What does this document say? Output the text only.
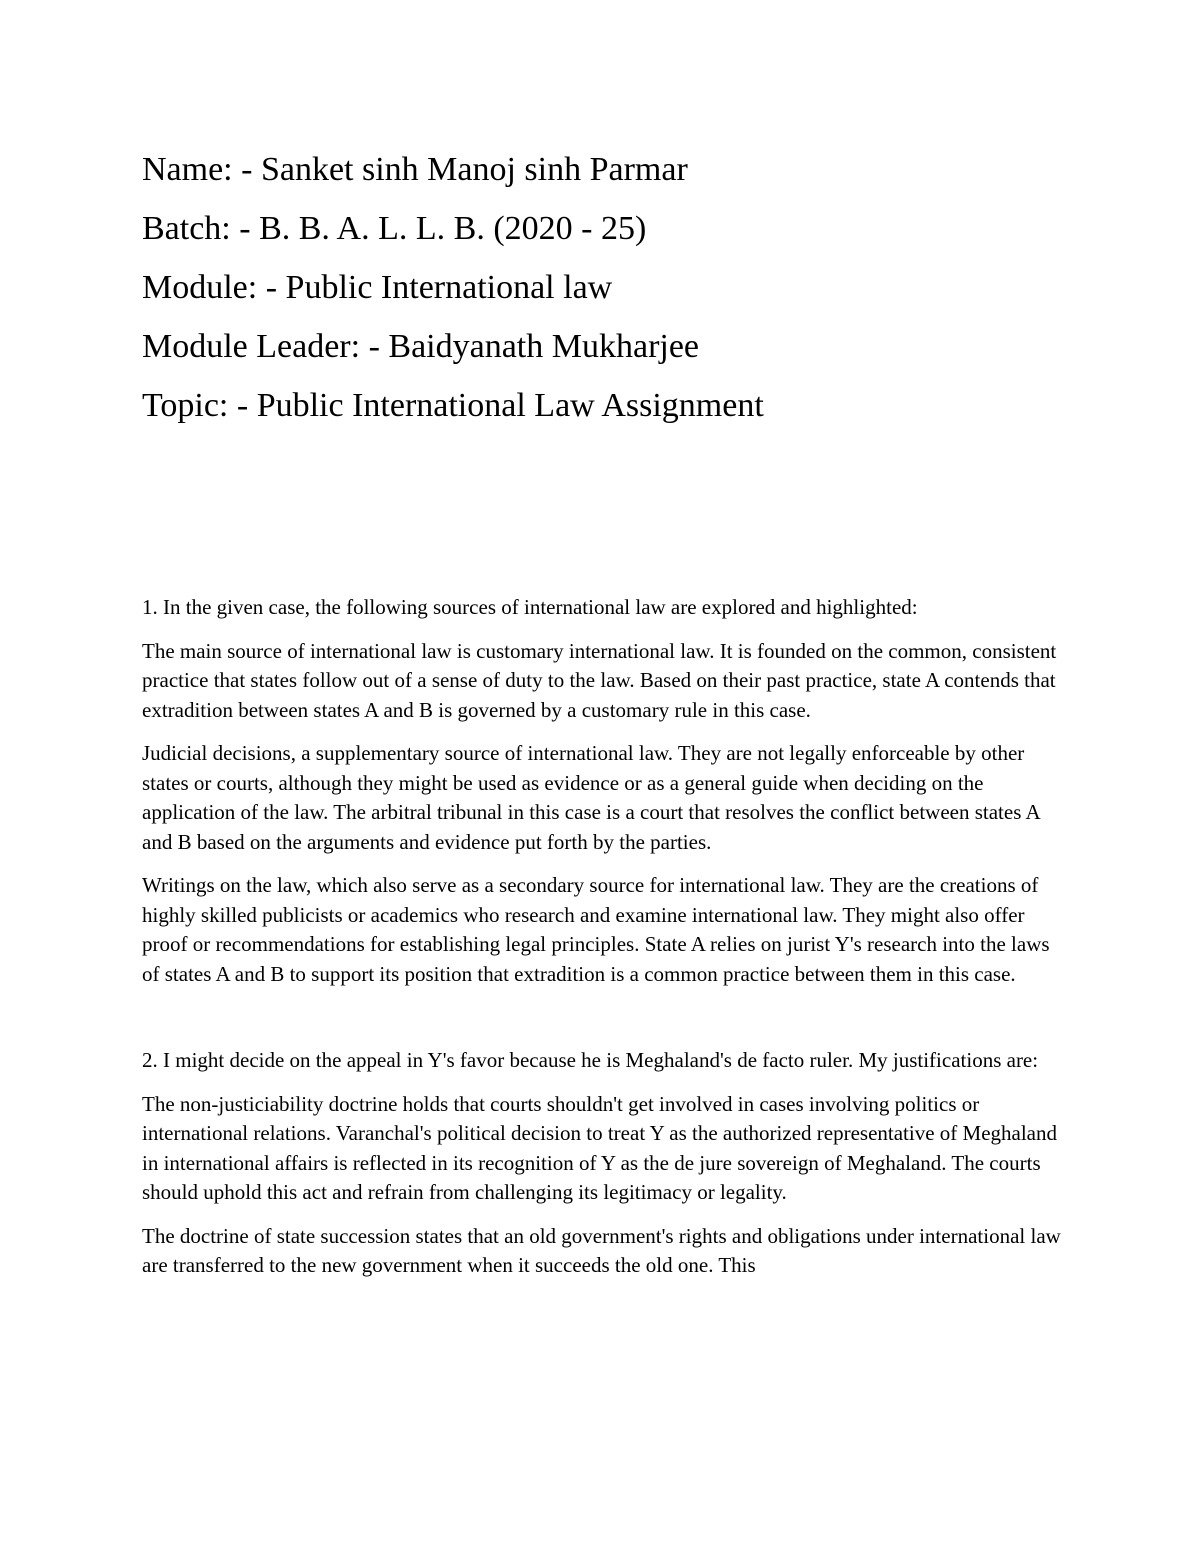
Name: - Sanket sinh Manoj sinh Parmar

Batch: - B. B. A. L. L. B. (2020 - 25)

Module: - Public International law

Module Leader: - Baidyanath Mukharjee

Topic: - Public International Law Assignment

1. In the given case, the following sources of international law are explored and highlighted:

The main source of international law is customary international law. It is founded on the common, consistent practice that states follow out of a sense of duty to the law. Based on their past practice, state A contends that extradition between states A and B is governed by a customary rule in this case.

Judicial decisions, a supplementary source of international law. They are not legally enforceable by other states or courts, although they might be used as evidence or as a general guide when deciding on the application of the law. The arbitral tribunal in this case is a court that resolves the conflict between states A and B based on the arguments and evidence put forth by the parties.

Writings on the law, which also serve as a secondary source for international law. They are the creations of highly skilled publicists or academics who research and examine international law. They might also offer proof or recommendations for establishing legal principles. State A relies on jurist Y's research into the laws of states A and B to support its position that extradition is a common practice between them in this case.

2. I might decide on the appeal in Y's favor because he is Meghaland's de facto ruler. My justifications are:

The non-justiciability doctrine holds that courts shouldn't get involved in cases involving politics or international relations. Varanchal's political decision to treat Y as the authorized representative of Meghaland in international affairs is reflected in its recognition of Y as the de jure sovereign of Meghaland. The courts should uphold this act and refrain from challenging its legitimacy or legality.

The doctrine of state succession states that an old government's rights and obligations under international law are transferred to the new government when it succeeds the old one. This
